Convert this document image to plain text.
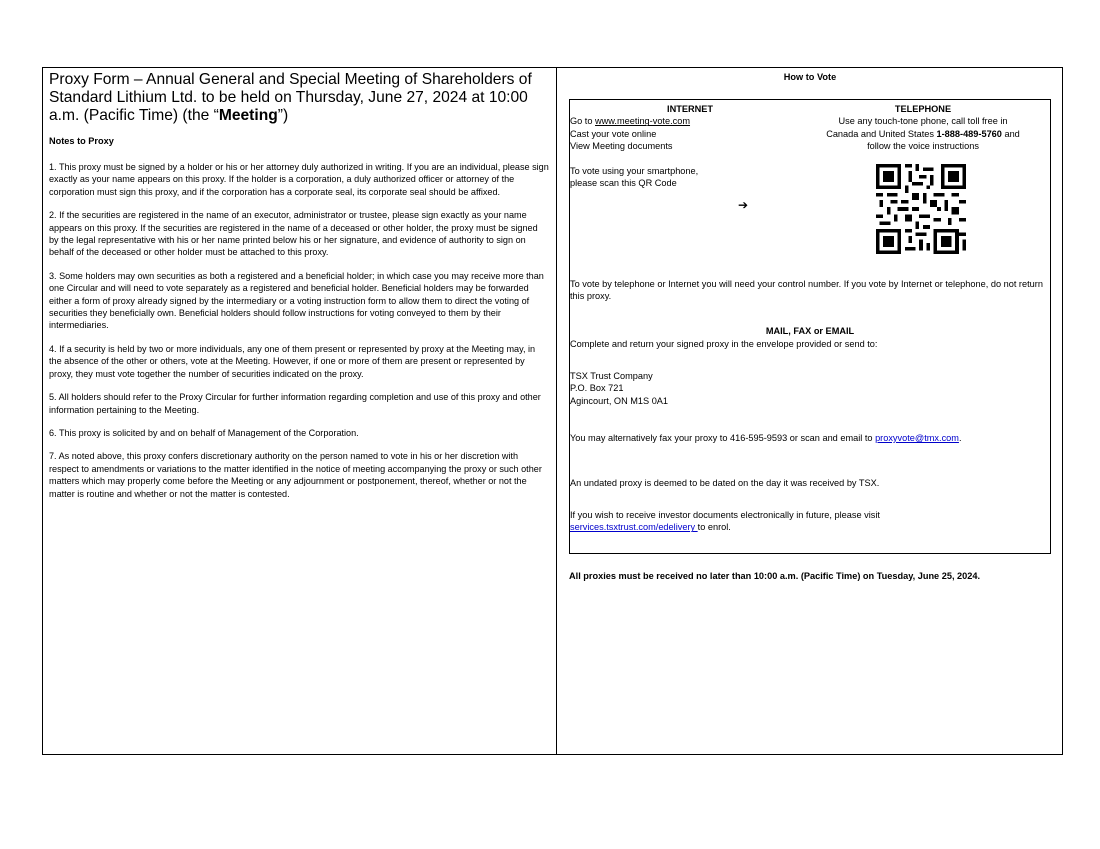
Proxy Form – Annual General and Special Meeting of Shareholders of Standard Lithium Ltd. to be held on Thursday, June 27, 2024 at 10:00 a.m. (Pacific Time) (the “Meeting”)

Notes to Proxy

1. This proxy must be signed by a holder or his or her attorney duly authorized in writing. If you are an individual, please sign exactly as your name appears on this proxy. If the holder is a corporation, a duly authorized officer or attorney of the corporation must sign this proxy, and if the corporation has a corporate seal, its corporate seal should be affixed.

2. If the securities are registered in the name of an executor, administrator or trustee, please sign exactly as your name appears on this proxy. If the securities are registered in the name of a deceased or other holder, the proxy must be signed by the legal representative with his or her name printed below his or her signature, and evidence of authority to sign on behalf of the deceased or other holder must be attached to this proxy.

3. Some holders may own securities as both a registered and a beneficial holder; in which case you may receive more than one Circular and will need to vote separately as a registered and beneficial holder. Beneficial holders may be forwarded either a form of proxy already signed by the intermediary or a voting instruction form to allow them to direct the voting of securities they beneficially own. Beneficial holders should follow instructions for voting conveyed to them by their intermediaries.

4. If a security is held by two or more individuals, any one of them present or represented by proxy at the Meeting may, in the absence of the other or others, vote at the Meeting. However, if one or more of them are present or represented by proxy, they must vote together the number of securities indicated on the proxy.

5. All holders should refer to the Proxy Circular for further information regarding completion and use of this proxy and other information pertaining to the Meeting.

6. This proxy is solicited by and on behalf of Management of the Corporation.

7. As noted above, this proxy confers discretionary authority on the person named to vote in his or her discretion with respect to amendments or variations to the matter identified in the notice of meeting accompanying the proxy or such other matters which may properly come before the Meeting or any adjournment or postponement, thereof, whether or not the matter is routine and whether or not the matter is contested.

How to Vote
INTERNET
Go to www.meeting-vote.com
Cast your vote online
View Meeting documents
To vote using your smartphone,
please scan this QR Code
➔
TELEPHONE
Use any touch-tone phone, call toll free in
Canada and United States 1-888-489-5760 and
follow the voice instructions
To vote by telephone or Internet you will need your control number. If you vote by Internet or telephone, do not return this proxy.
MAIL, FAX or EMAIL
Complete and return your signed proxy in the envelope provided or send to:
TSX Trust Company
P.O. Box 721
Agincourt, ON M1S 0A1
You may alternatively fax your proxy to 416-595-9593 or scan and email to proxyvote@tmx.com.
An undated proxy is deemed to be dated on the day it was received by TSX.
If you wish to receive investor documents electronically in future, please visit
services.tsxtrust.com/edelivery to enrol.
All proxies must be received no later than 10:00 a.m. (Pacific Time) on Tuesday, June 25, 2024.
